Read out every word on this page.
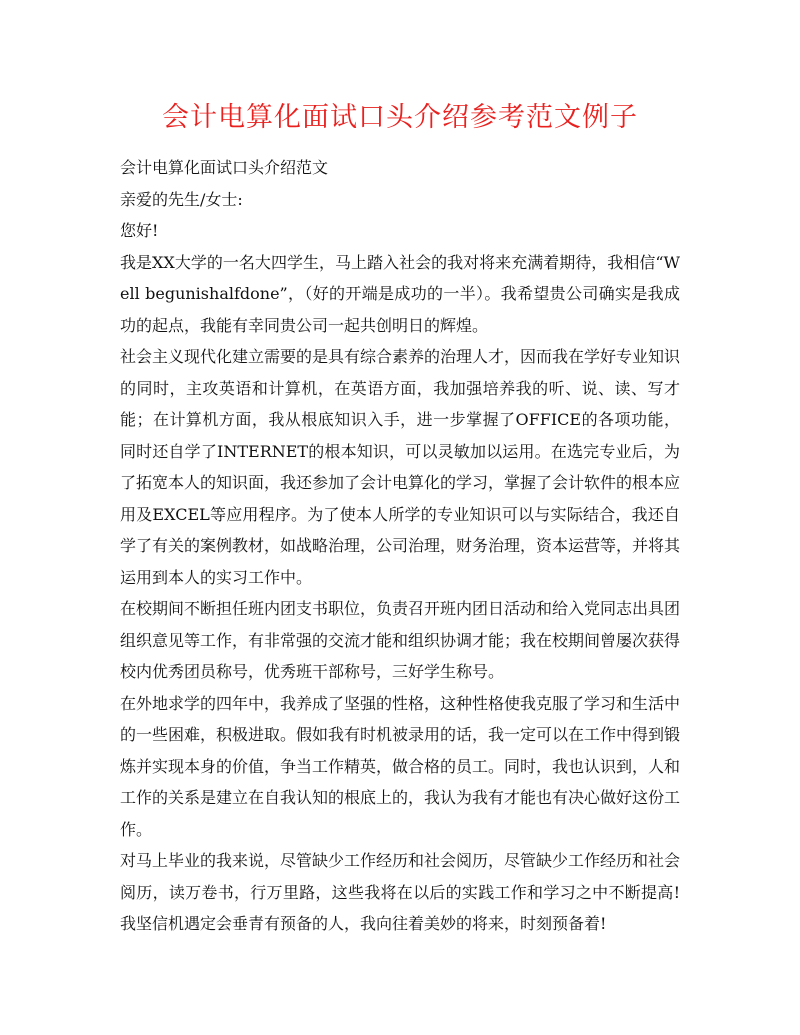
会计电算化面试口头介绍参考范文例子

会计电算化面试口头介绍范文

亲爱的先生/女士:

您好!

我是XX大学的一名大四学生，马上踏入社会的我对将来充满着期待，我相信“Well begunishalfdone”，（好的开端是成功的一半）。我希望贵公司确实是我成功的起点，我能有幸同贵公司一起共创明日的辉煌。

社会主义现代化建立需要的是具有综合素养的治理人才，因而我在学好专业知识的同时，主攻英语和计算机，在英语方面，我加强培养我的听、说、读、写才能；在计算机方面，我从根底知识入手，进一步掌握了OFFICE的各项功能，同时还自学了INTERNET的根本知识，可以灵敏加以运用。在选完专业后，为了拓宽本人的知识面，我还参加了会计电算化的学习，掌握了会计软件的根本应用及EXCEL等应用程序。为了使本人所学的专业知识可以与实际结合，我还自学了有关的案例教材，如战略治理，公司治理，财务治理，资本运营等，并将其运用到本人的实习工作中。

在校期间不断担任班内团支书职位，负责召开班内团日活动和给入党同志出具团组织意见等工作，有非常强的交流才能和组织协调才能；我在校期间曾屡次获得校内优秀团员称号，优秀班干部称号，三好学生称号。

在外地求学的四年中，我养成了坚强的性格，这种性格使我克服了学习和生活中的一些困难，积极进取。假如我有时机被录用的话，我一定可以在工作中得到锻炼并实现本身的价值，争当工作精英，做合格的员工。同时，我也认识到，人和工作的关系是建立在自我认知的根底上的，我认为我有才能也有决心做好这份工作。

对马上毕业的我来说，尽管缺少工作经历和社会阅历，尽管缺少工作经历和社会阅历，读万卷书，行万里路，这些我将在以后的实践工作和学习之中不断提高!我坚信机遇定会垂青有预备的人，我向往着美妙的将来，时刻预备着!
